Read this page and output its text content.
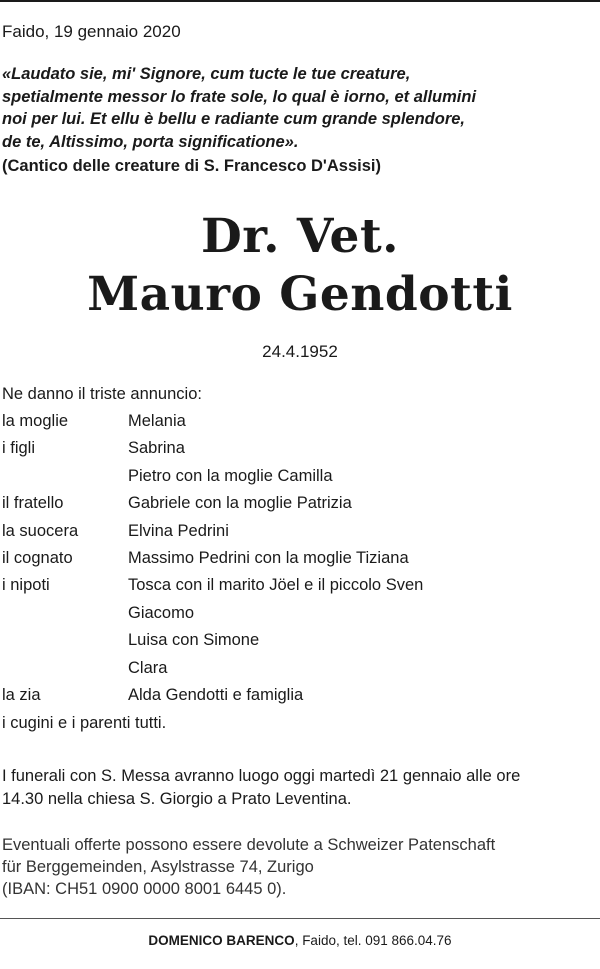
Faido, 19 gennaio 2020
«Laudato sie, mi' Signore, cum tucte le tue creature,
spetialmente messor lo frate sole, lo qual è iorno, et allumini
noi per lui. Et ellu è bellu e radiante cum grande splendore,
de te, Altissimo, porta significatione».
(Cantico delle creature di S. Francesco D'Assisi)
Dr. Vet.
Mauro Gendotti
24.4.1952
Ne danno il triste annuncio:
la moglie	Melania
i figli	Sabrina
Pietro con la moglie Camilla
il fratello	Gabriele con la moglie Patrizia
la suocera	Elvina Pedrini
il cognato	Massimo Pedrini con la moglie Tiziana
i nipoti	Tosca con il marito Jöel e il piccolo Sven
Giacomo
Luisa con Simone
Clara
la zia	Alda Gendotti e famiglia
i cugini e i parenti tutti.
I funerali con S. Messa avranno luogo oggi martedì 21 gennaio alle ore
14.30 nella chiesa S. Giorgio a Prato Leventina.
Eventuali offerte possono essere devolute a Schweizer Patenschaft
für Berggemeinden, Asylstrasse 74, Zurigo
(IBAN: CH51 0900 0000 8001 6445 0).
DOMENICO BARENCO, Faido, tel. 091 866.04.76
